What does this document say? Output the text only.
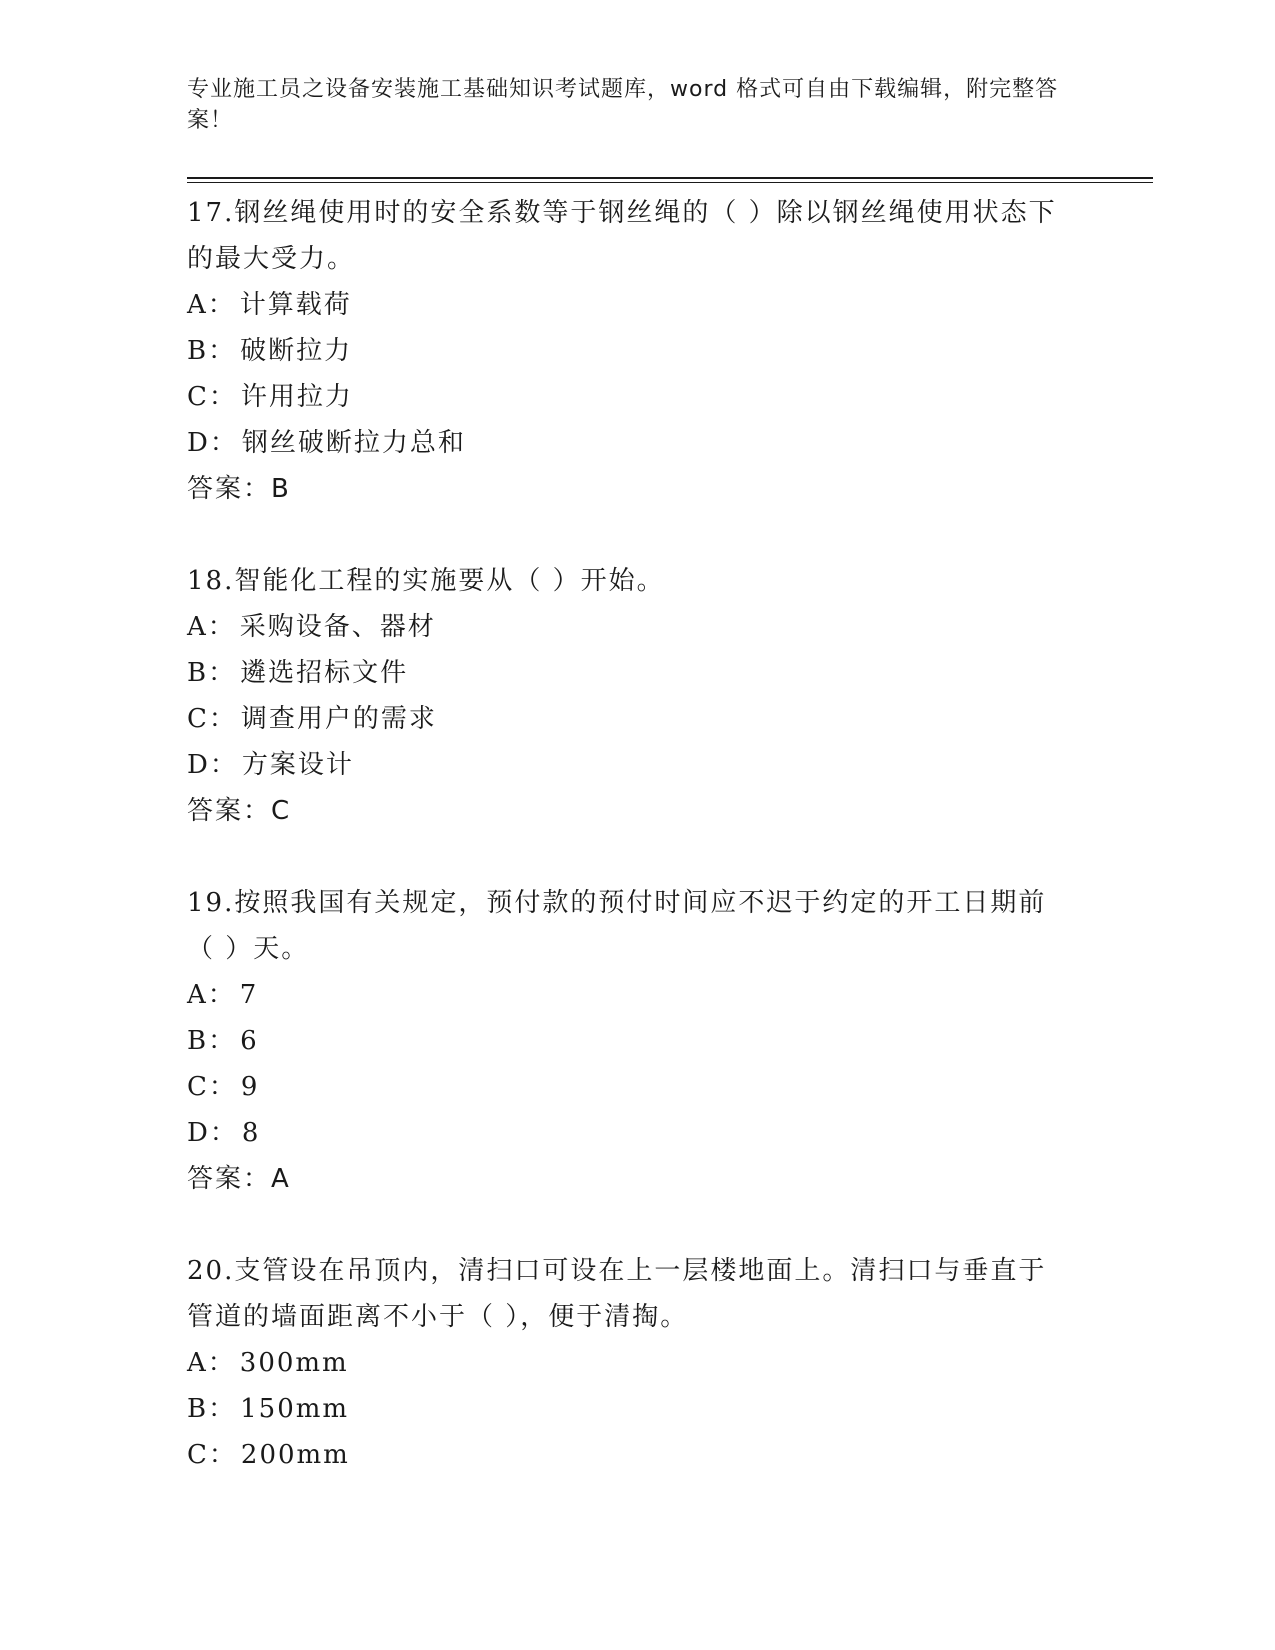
专业施工员之设备安装施工基础知识考试题库，word 格式可自由下载编辑，附完整答案！

17.钢丝绳使用时的安全系数等于钢丝绳的（ ）除以钢丝绳使用状态下的最大受力。

A： 计算载荷
B： 破断拉力
C： 许用拉力
D： 钢丝破断拉力总和
答案：B

18.智能化工程的实施要从（ ）开始。

A： 采购设备、器材
B： 遴选招标文件
C： 调查用户的需求
D： 方案设计
答案：C

19.按照我国有关规定，预付款的预付时间应不迟于约定的开工日期前（ ）天。

A： 7
B： 6
C： 9
D： 8
答案：A

20.支管设在吊顶内，清扫口可设在上一层楼地面上。清扫口与垂直于管道的墙面距离不小于（ ），便于清掏。

A： 300mm
B： 150mm
C： 200mm
